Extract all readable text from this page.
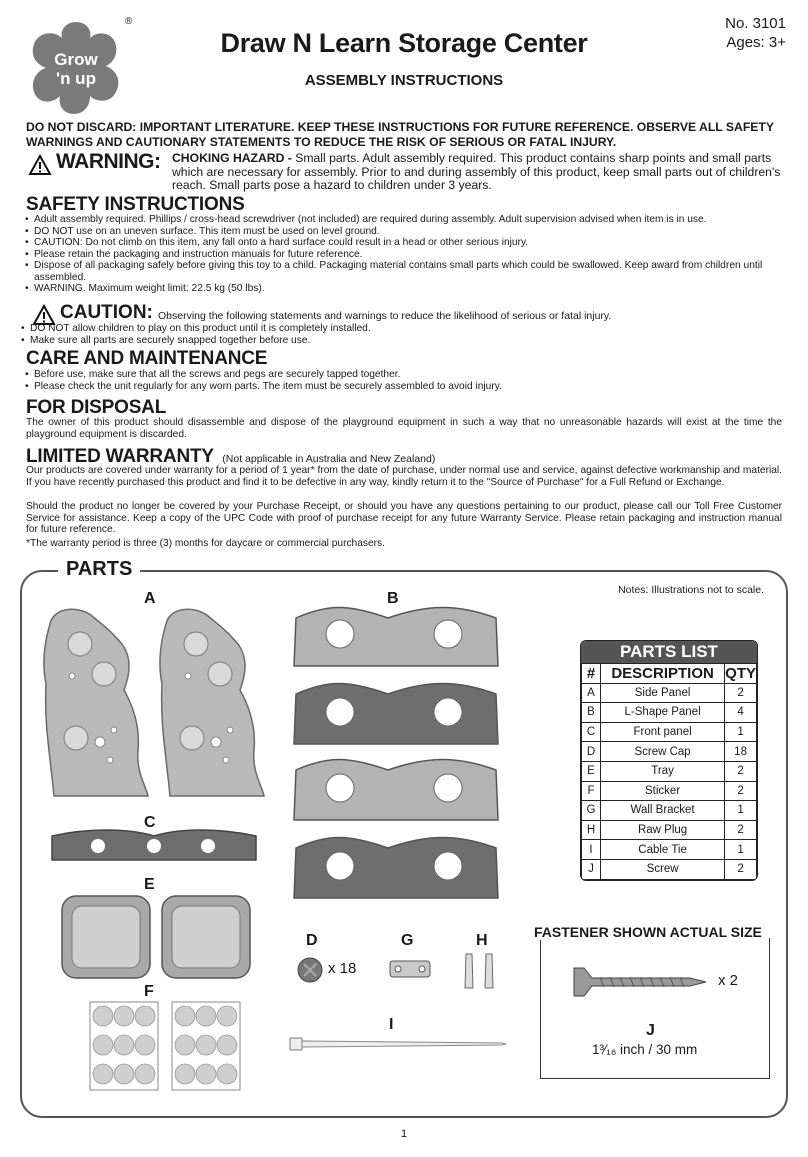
Grow
'n up
®
Draw N Learn Storage Center
No. 3101
Ages: 3+
ASSEMBLY INSTRUCTIONS
DO NOT DISCARD: IMPORTANT LITERATURE. KEEP THESE INSTRUCTIONS FOR FUTURE REFERENCE. OBSERVE ALL SAFETY WARNINGS AND CAUTIONARY STATEMENTS TO REDUCE THE RISK OF SERIOUS OR FATAL INJURY.
WARNING: CHOKING HAZARD - Small parts. Adult assembly required. This product contains sharp points and small parts which are necessary for assembly. Prior to and during assembly of this product, keep small parts out of children's reach. Small parts pose a hazard to children under 3 years.
SAFETY INSTRUCTIONS
• Adult assembly required. Phillips / cross-head screwdriver (not included) are required during assembly. Adult supervision advised when item is in use.
• DO NOT use on an uneven surface. This item must be used on level ground.
• CAUTION: Do not climb on this item, any fall onto a hard surface could result in a head or other serious injury.
• Please retain the packaging and instruction manuals for future reference.
• Dispose of all packaging safely before giving this toy to a child. Packaging material contains small parts which could be swallowed. Keep award from children until assembled.
• WARNING. Maximum weight limit: 22.5 kg (50 lbs).
CAUTION: Observing the following statements and warnings to reduce the likelihood of serious or fatal injury.
• DO NOT allow children to play on this product until it is completely installed.
• Make sure all parts are securely snapped together before use.
CARE AND MAINTENANCE
• Before use, make sure that all the screws and pegs are securely tapped together.
• Please check the unit regularly for any worn parts. The item must be securely assembled to avoid injury.
FOR DISPOSAL
The owner of this product should disassemble and dispose of the playground equipment in such a way that no unreasonable hazards will exist at the time the playground equipment is discarded.
LIMITED WARRANTY (Not applicable in Australia and New Zealand)
Our products are covered under warranty for a period of 1 year* from the date of purchase, under normal use and service, against defective workmanship and material. If you have recently purchased this product and find it to be defective in any way, kindly return it to the "Source of Purchase" for a Full Refund or Exchange.
Should the product no longer be covered by your Purchase Receipt, or should you have any questions pertaining to our product, please call our Toll Free Customer Service for assistance. Keep a copy of the UPC Code with proof of purchase receipt for any future Warranty Service. Please retain packaging and instruction manual for future reference.
*The warranty period is three (3) months for daycare or commercial purchasers.
PARTS
Notes: Illustrations not to scale.
A	B
C
E
F
D	G	H
I
x 18
PARTS LIST
#	DESCRIPTION	QTY
A	Side Panel	2
B	L-Shape Panel	4
C	Front panel	1
D	Screw Cap	18
E	Tray	2
F	Sticker	2
G	Wall Bracket	1
H	Raw Plug	2
I	Cable Tie	1
J	Screw	2
FASTENER SHOWN ACTUAL SIZE
x 2
J
1³⁄₁₆ inch / 30 mm
1
